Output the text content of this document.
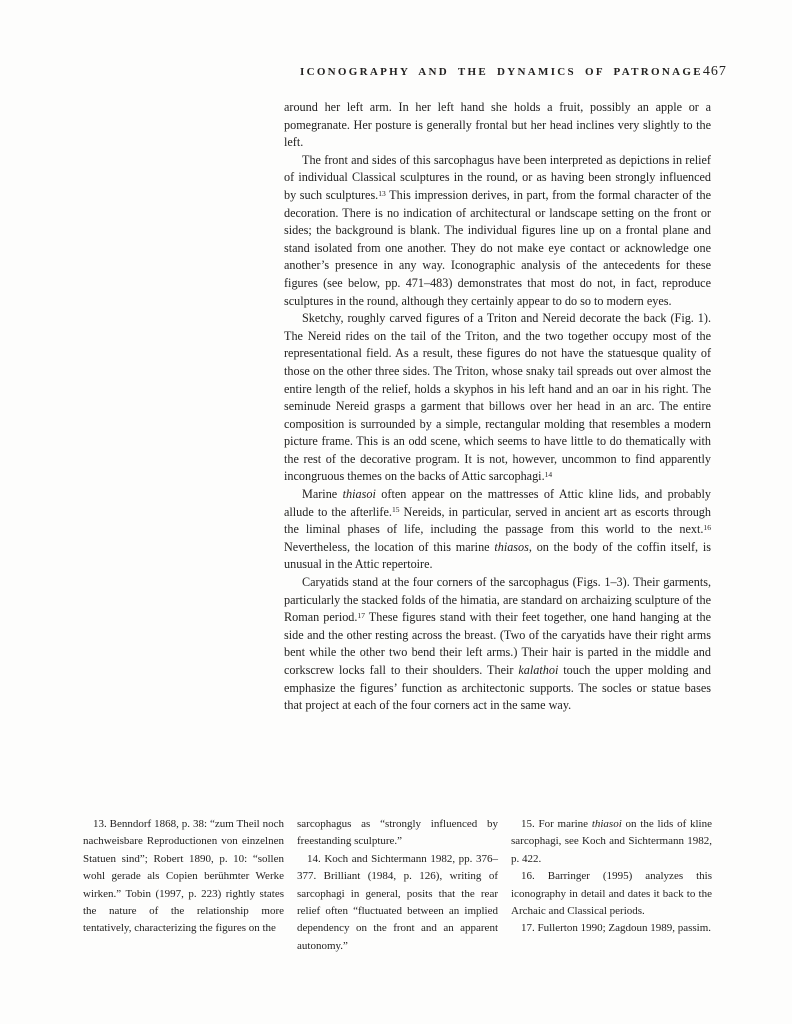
ICONOGRAPHY AND THE DYNAMICS OF PATRONAGE 467

around her left arm. In her left hand she holds a fruit, possibly an apple or a pomegranate. Her posture is generally frontal but her head inclines very slightly to the left.

The front and sides of this sarcophagus have been interpreted as depictions in relief of individual Classical sculptures in the round, or as having been strongly influenced by such sculptures.$^{13}$ This impression derives, in part, from the formal character of the decoration. There is no indication of architectural or landscape setting on the front or sides; the background is blank. The individual figures line up on a frontal plane and stand isolated from one another. They do not make eye contact or acknowledge one another’s presence in any way. Iconographic analysis of the antecedents for these figures (see below, pp. 471–483) demonstrates that most do not, in fact, reproduce sculptures in the round, although they certainly appear to do so to modern eyes.

Sketchy, roughly carved figures of a Triton and Nereid decorate the back (Fig. 1). The Nereid rides on the tail of the Triton, and the two together occupy most of the representational field. As a result, these figures do not have the statuesque quality of those on the other three sides. The Triton, whose snaky tail spreads out over almost the entire length of the relief, holds a skyphos in his left hand and an oar in his right. The seminude Nereid grasps a garment that billows over her head in an arc. The entire composition is surrounded by a simple, rectangular molding that resembles a modern picture frame. This is an odd scene, which seems to have little to do thematically with the rest of the decorative program. It is not, however, uncommon to find apparently incongruous themes on the backs of Attic sarcophagi.$^{14}$

Marine thiasoi often appear on the mattresses of Attic kline lids, and probably allude to the afterlife.$^{15}$ Nereids, in particular, served in ancient art as escorts through the liminal phases of life, including the passage from this world to the next.$^{16}$ Nevertheless, the location of this marine thiasos, on the body of the coffin itself, is unusual in the Attic repertoire.

Caryatids stand at the four corners of the sarcophagus (Figs. 1–3). Their garments, particularly the stacked folds of the himatia, are standard on archaizing sculpture of the Roman period.$^{17}$ These figures stand with their feet together, one hand hanging at the side and the other resting across the breast. (Two of the caryatids have their right arms bent while the other two bend their left arms.) Their hair is parted in the middle and corkscrew locks fall to their shoulders. Their kalathoi touch the upper molding and emphasize the figures’ function as architectonic supports. The socles or statue bases that project at each of the four corners act in the same way.

13. Benndorf 1868, p. 38: “zum Theil noch nachweisbare Reproductionen von einzelnen Statuen sind”; Robert 1890, p. 10: “sollen wohl gerade als Copien berühmter Werke wirken.” Tobin (1997, p. 223) rightly states the nature of the relationship more tentatively, characterizing the figures on the

sarcophagus as “strongly influenced by freestanding sculpture.”

14. Koch and Sichtermann 1982, pp. 376–377. Brilliant (1984, p. 126), writing of sarcophagi in general, posits that the rear relief often “fluctuated between an implied dependency on the front and an apparent autonomy.”

15. For marine thiasoi on the lids of kline sarcophagi, see Koch and Sichtermann 1982, p. 422.

16. Barringer (1995) analyzes this iconography in detail and dates it back to the Archaic and Classical periods.

17. Fullerton 1990; Zagdoun 1989, passim.
